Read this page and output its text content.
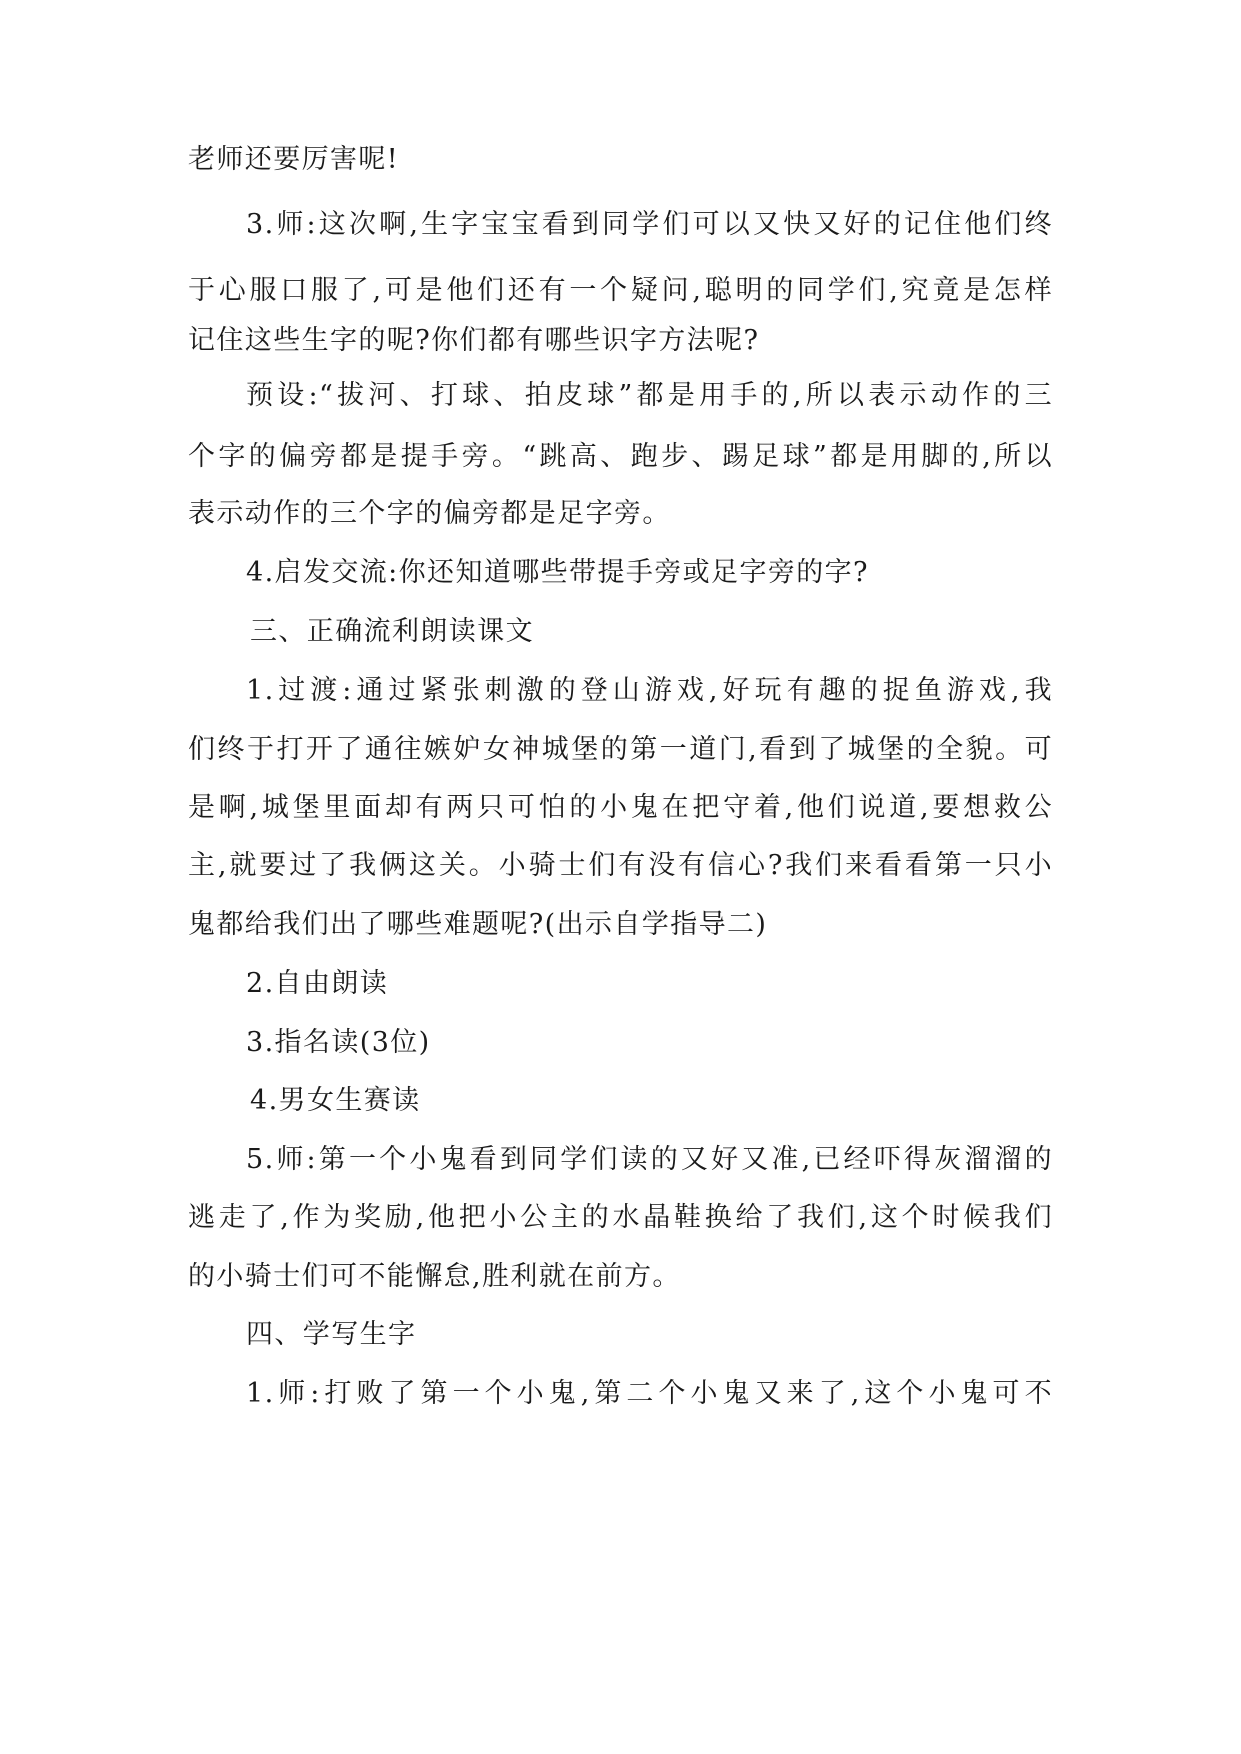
老师还要厉害呢!
3.师:这次啊,生字宝宝看到同学们可以又快又好的记住他们终
于心服口服了,可是他们还有一个疑问,聪明的同学们,究竟是怎样
记住这些生字的呢?你们都有哪些识字方法呢?
预设:“拔河、打球、拍皮球”都是用手的,所以表示动作的三
个字的偏旁都是提手旁。“跳高、跑步、踢足球”都是用脚的,所以
表示动作的三个字的偏旁都是足字旁。
4.启发交流:你还知道哪些带提手旁或足字旁的字?
三、正确流利朗读课文
1.过渡:通过紧张刺激的登山游戏,好玩有趣的捉鱼游戏,我
们终于打开了通往嫉妒女神城堡的第一道门,看到了城堡的全貌。可
是啊,城堡里面却有两只可怕的小鬼在把守着,他们说道,要想救公
主,就要过了我俩这关。小骑士们有没有信心?我们来看看第一只小
鬼都给我们出了哪些难题呢?(出示自学指导二)
2.自由朗读
3.指名读(3位)
4.男女生赛读
5.师:第一个小鬼看到同学们读的又好又准,已经吓得灰溜溜的
逃走了,作为奖励,他把小公主的水晶鞋换给了我们,这个时候我们
的小骑士们可不能懈怠,胜利就在前方。
四、学写生字
1.师:打败了第一个小鬼,第二个小鬼又来了,这个小鬼可不
